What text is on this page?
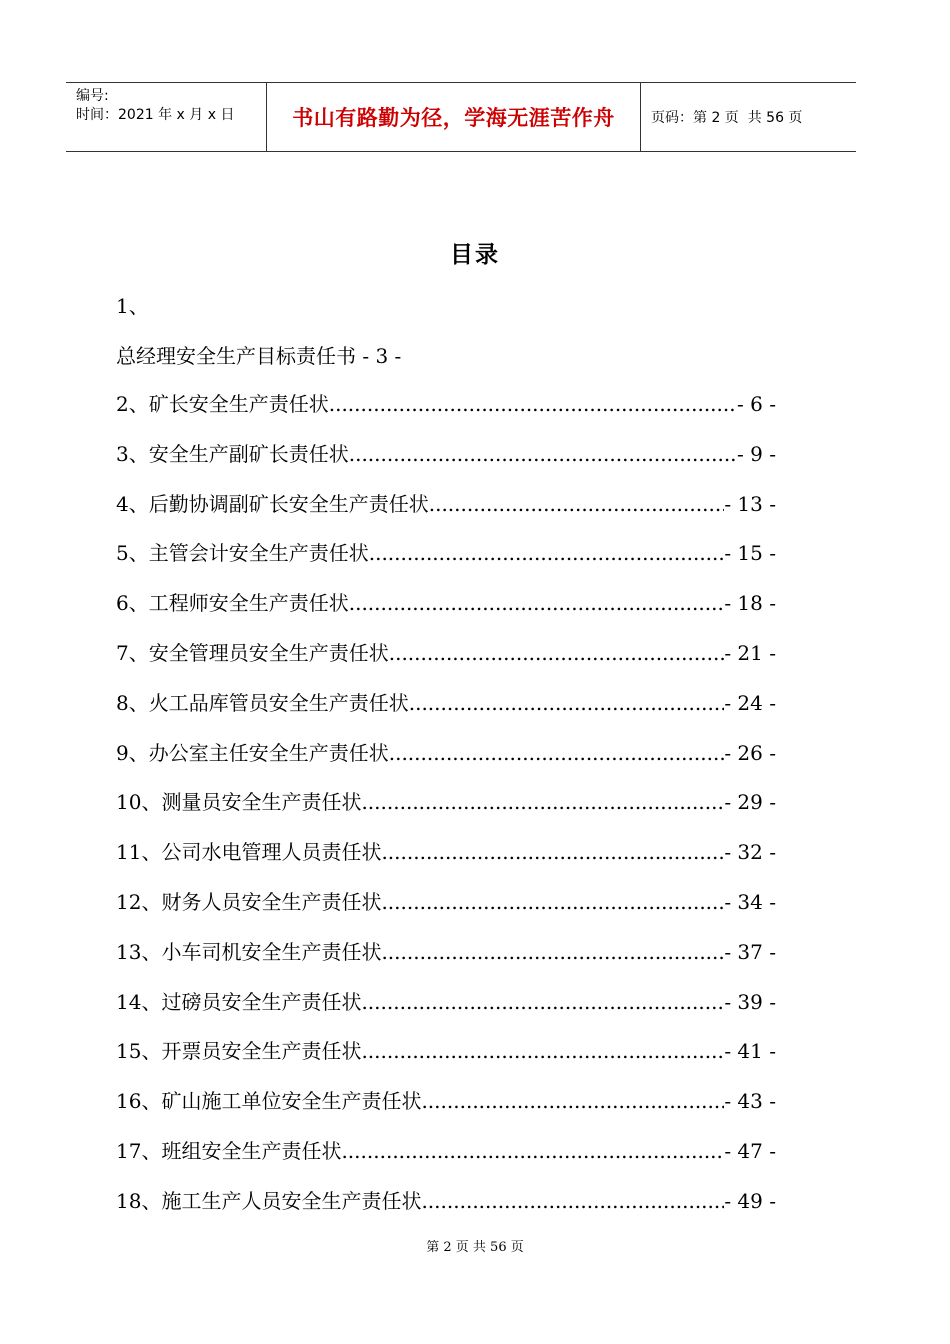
编号:
时间：2021 年 x 月 x 日	书山有路勤为径，学海无涯苦作舟	页码：第 2 页  共 56 页
目录
1、
总经理安全生产目标责任书 - 3 -
2、矿长安全生产责任状 .....	- 6 -
3、安全生产副矿长责任状 .....	- 9 -
4、后勤协调副矿长安全生产责任状 .....	- 13 -
5、主管会计安全生产责任状 .....	- 15 -
6、工程师安全生产责任状 .....	- 18 -
7、安全管理员安全生产责任状 .....	- 21 -
8、火工品库管员安全生产责任状 .....	- 24 -
9、办公室主任安全生产责任状 .....	- 26 -
10、测量员安全生产责任状 .....	- 29 -
11、公司水电管理人员责任状 .....	- 32 -
12、财务人员安全生产责任状 .....	- 34 -
13、小车司机安全生产责任状 .....	- 37 -
14、过磅员安全生产责任状 .....	- 39 -
15、开票员安全生产责任状 .....	- 41 -
16、矿山施工单位安全生产责任状 .....	- 43 -
17、班组安全生产责任状 .....	- 47 -
18、施工生产人员安全生产责任状 .....	- 49 -
第 2 页 共 56 页
